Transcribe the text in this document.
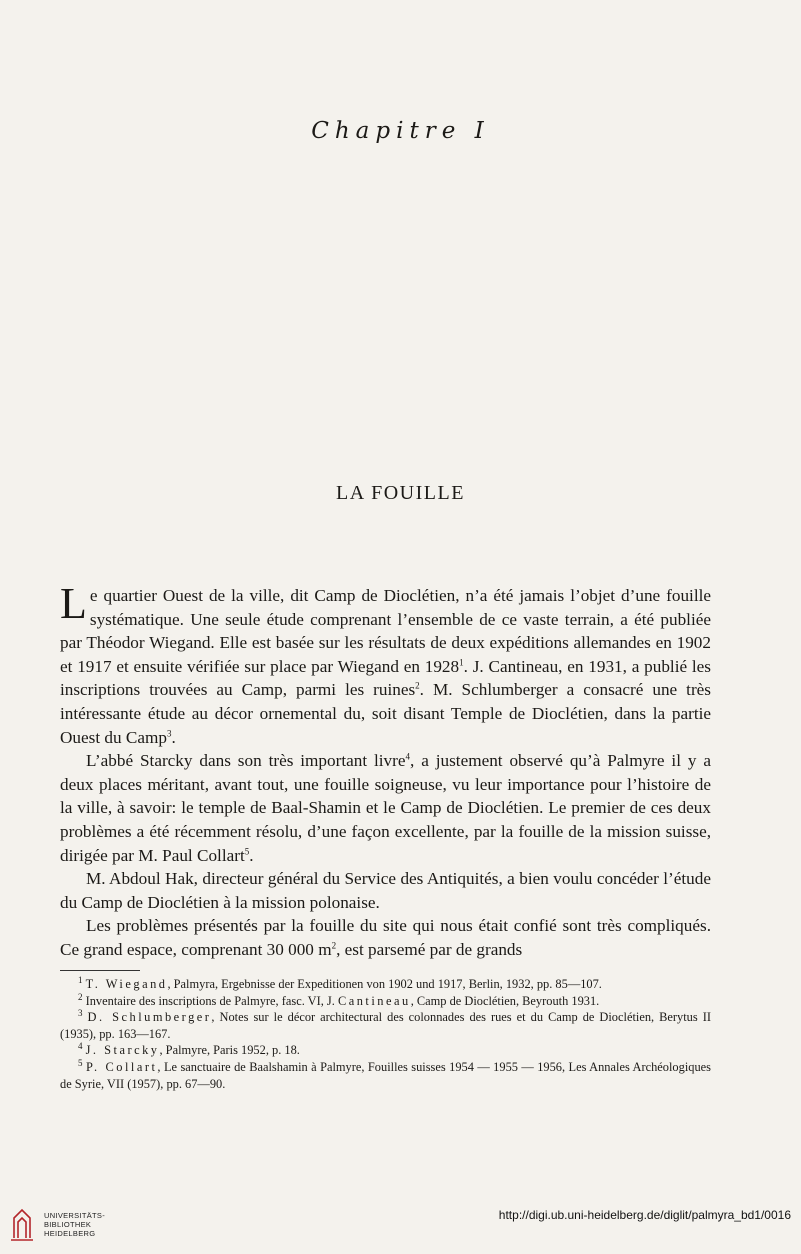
Chapitre I
LA FOUILLE

Le quartier Ouest de la ville, dit Camp de Dioclétien, n’a été jamais l’objet d’une fouille systématique. Une seule étude comprenant l’ensemble de ce vaste terrain, a été publiée par Théodor Wiegand. Elle est basée sur les résultats de deux expéditions allemandes en 1902 et 1917 et ensuite vérifiée sur place par Wiegand en 1928$^1$. J. Cantineau, en 1931, a publié les inscriptions trouvées au Camp, parmi les ruines$^2$. M. Schlumberger a consacré une très intéressante étude au décor ornemental du, soit disant Temple de Dioclétien, dans la partie Ouest du Camp$^3$.

L’abbé Starcky dans son très important livre$^4$, a justement observé qu’à Palmyre il y a deux places méritant, avant tout, une fouille soigneuse, vu leur importance pour l’histoire de la ville, à savoir: le temple de Baal-Shamin et le Camp de Dioclétien. Le premier de ces deux problèmes a été récemment résolu, d’une façon excellente, par la fouille de la mission suisse, dirigée par M. Paul Collart$^5$.

M. Abdoul Hak, directeur général du Service des Antiquités, a bien voulu concéder l’étude du Camp de Dioclétien à la mission polonaise.

Les problèmes présentés par la fouille du site qui nous était confié sont très compliqués. Ce grand espace, comprenant 30 000 $m^2$, est parsemé par de grands

$^1$ T. Wiegand, Palmyra, Ergebnisse der Expeditionen von 1902 und 1917, Berlin, 1932, pp. 85—107.

$^2$ Inventaire des inscriptions de Palmyre, fasc. VI, J. Cantineau, Camp de Dioclétien, Beyrouth 1931.

$^3$ D. Schlumberger, Notes sur le décor architectural des colonnades des rues et du Camp de Dioclétien, Berytus II (1935), pp. 163—167.

$^4$ J. Starcky, Palmyre, Paris 1952, p. 18.

$^5$ P. Collart, Le sanctuaire de Baalshamin à Palmyre, Fouilles suisses 1954 — 1955 — 1956, Les Annales Archéologiques de Syrie, VII (1957), pp. 67—90.

UNIVERSITÄTS-
BIBLIOTHEK
HEIDELBERG
http://digi.ub.uni-heidelberg.de/diglit/palmyra_bd1/0016
